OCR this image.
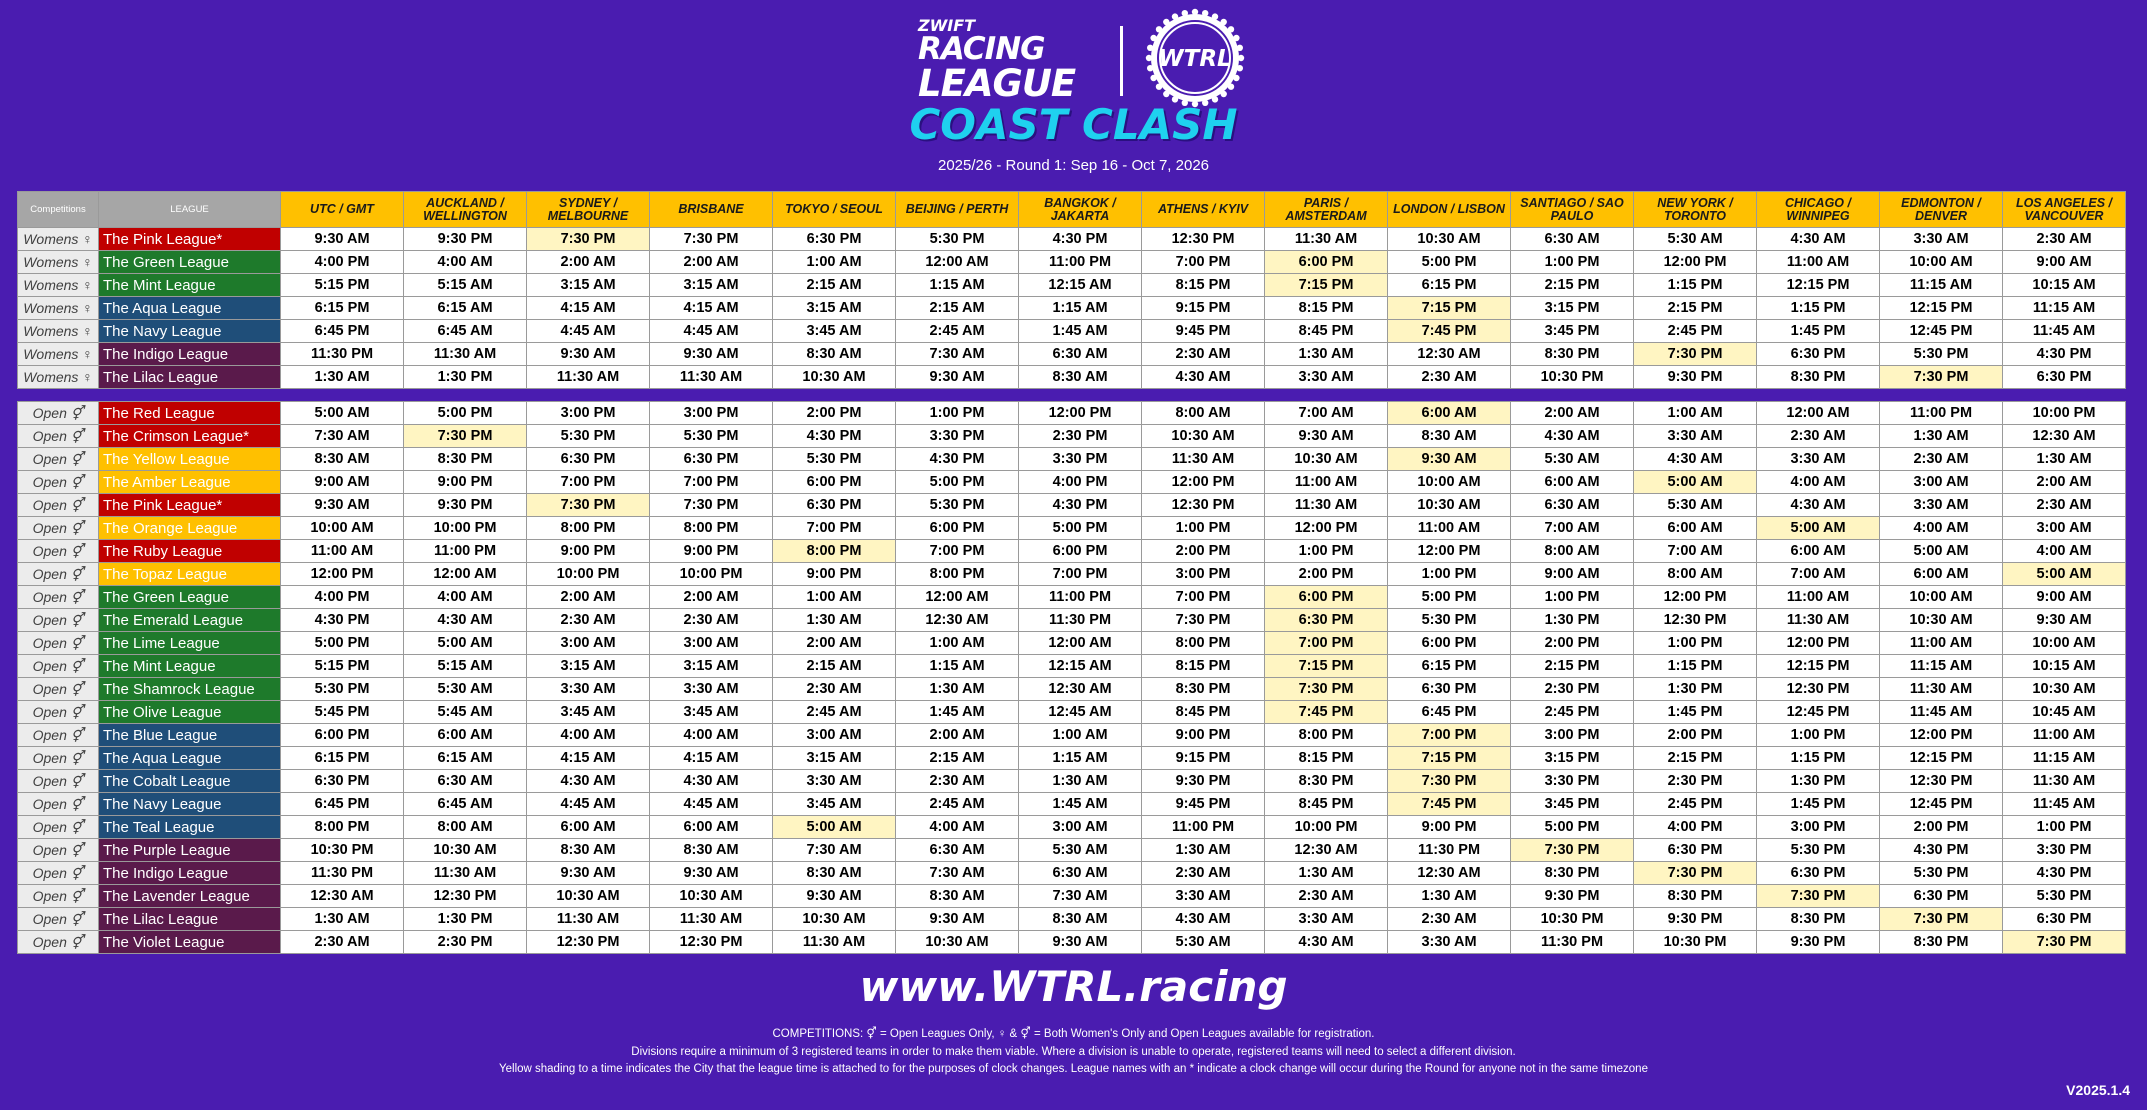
ZWIFT
RACING
LEAGUE
WTRL
COAST CLASH
2025/26 - Round 1: Sep 16 - Oct 7, 2026
Competitions	LEAGUE	UTC / GMT	AUCKLAND / WELLINGTON	SYDNEY / MELBOURNE	BRISBANE	TOKYO / SEOUL	BEIJING / PERTH	BANGKOK / JAKARTA	ATHENS / KYIV	PARIS / AMSTERDAM	LONDON / LISBON	SANTIAGO / SAO PAULO	NEW YORK / TORONTO	CHICAGO / WINNIPEG	EDMONTON / DENVER	LOS ANGELES / VANCOUVER
Womens ♀	The Pink League*	9:30 AM	9:30 PM	7:30 PM	7:30 PM	6:30 PM	5:30 PM	4:30 PM	12:30 PM	11:30 AM	10:30 AM	6:30 AM	5:30 AM	4:30 AM	3:30 AM	2:30 AM
Womens ♀	The Green League	4:00 PM	4:00 AM	2:00 AM	2:00 AM	1:00 AM	12:00 AM	11:00 PM	7:00 PM	6:00 PM	5:00 PM	1:00 PM	12:00 PM	11:00 AM	10:00 AM	9:00 AM
Womens ♀	The Mint League	5:15 PM	5:15 AM	3:15 AM	3:15 AM	2:15 AM	1:15 AM	12:15 AM	8:15 PM	7:15 PM	6:15 PM	2:15 PM	1:15 PM	12:15 PM	11:15 AM	10:15 AM
Womens ♀	The Aqua League	6:15 PM	6:15 AM	4:15 AM	4:15 AM	3:15 AM	2:15 AM	1:15 AM	9:15 PM	8:15 PM	7:15 PM	3:15 PM	2:15 PM	1:15 PM	12:15 PM	11:15 AM
Womens ♀	The Navy League	6:45 PM	6:45 AM	4:45 AM	4:45 AM	3:45 AM	2:45 AM	1:45 AM	9:45 PM	8:45 PM	7:45 PM	3:45 PM	2:45 PM	1:45 PM	12:45 PM	11:45 AM
Womens ♀	The Indigo League	11:30 PM	11:30 AM	9:30 AM	9:30 AM	8:30 AM	7:30 AM	6:30 AM	2:30 AM	1:30 AM	12:30 AM	8:30 PM	7:30 PM	6:30 PM	5:30 PM	4:30 PM
Womens ♀	The Lilac League	1:30 AM	1:30 PM	11:30 AM	11:30 AM	10:30 AM	9:30 AM	8:30 AM	4:30 AM	3:30 AM	2:30 AM	10:30 PM	9:30 PM	8:30 PM	7:30 PM	6:30 PM
Open ⚥	The Red League	5:00 AM	5:00 PM	3:00 PM	3:00 PM	2:00 PM	1:00 PM	12:00 PM	8:00 AM	7:00 AM	6:00 AM	2:00 AM	1:00 AM	12:00 AM	11:00 PM	10:00 PM
Open ⚥	The Crimson League*	7:30 AM	7:30 PM	5:30 PM	5:30 PM	4:30 PM	3:30 PM	2:30 PM	10:30 AM	9:30 AM	8:30 AM	4:30 AM	3:30 AM	2:30 AM	1:30 AM	12:30 AM
Open ⚥	The Yellow League	8:30 AM	8:30 PM	6:30 PM	6:30 PM	5:30 PM	4:30 PM	3:30 PM	11:30 AM	10:30 AM	9:30 AM	5:30 AM	4:30 AM	3:30 AM	2:30 AM	1:30 AM
Open ⚥	The Amber League	9:00 AM	9:00 PM	7:00 PM	7:00 PM	6:00 PM	5:00 PM	4:00 PM	12:00 PM	11:00 AM	10:00 AM	6:00 AM	5:00 AM	4:00 AM	3:00 AM	2:00 AM
Open ⚥	The Pink League*	9:30 AM	9:30 PM	7:30 PM	7:30 PM	6:30 PM	5:30 PM	4:30 PM	12:30 PM	11:30 AM	10:30 AM	6:30 AM	5:30 AM	4:30 AM	3:30 AM	2:30 AM
Open ⚥	The Orange League	10:00 AM	10:00 PM	8:00 PM	8:00 PM	7:00 PM	6:00 PM	5:00 PM	1:00 PM	12:00 PM	11:00 AM	7:00 AM	6:00 AM	5:00 AM	4:00 AM	3:00 AM
Open ⚥	The Ruby League	11:00 AM	11:00 PM	9:00 PM	9:00 PM	8:00 PM	7:00 PM	6:00 PM	2:00 PM	1:00 PM	12:00 PM	8:00 AM	7:00 AM	6:00 AM	5:00 AM	4:00 AM
Open ⚥	The Topaz League	12:00 PM	12:00 AM	10:00 PM	10:00 PM	9:00 PM	8:00 PM	7:00 PM	3:00 PM	2:00 PM	1:00 PM	9:00 AM	8:00 AM	7:00 AM	6:00 AM	5:00 AM
Open ⚥	The Green League	4:00 PM	4:00 AM	2:00 AM	2:00 AM	1:00 AM	12:00 AM	11:00 PM	7:00 PM	6:00 PM	5:00 PM	1:00 PM	12:00 PM	11:00 AM	10:00 AM	9:00 AM
Open ⚥	The Emerald League	4:30 PM	4:30 AM	2:30 AM	2:30 AM	1:30 AM	12:30 AM	11:30 PM	7:30 PM	6:30 PM	5:30 PM	1:30 PM	12:30 PM	11:30 AM	10:30 AM	9:30 AM
Open ⚥	The Lime League	5:00 PM	5:00 AM	3:00 AM	3:00 AM	2:00 AM	1:00 AM	12:00 AM	8:00 PM	7:00 PM	6:00 PM	2:00 PM	1:00 PM	12:00 PM	11:00 AM	10:00 AM
Open ⚥	The Mint League	5:15 PM	5:15 AM	3:15 AM	3:15 AM	2:15 AM	1:15 AM	12:15 AM	8:15 PM	7:15 PM	6:15 PM	2:15 PM	1:15 PM	12:15 PM	11:15 AM	10:15 AM
Open ⚥	The Shamrock League	5:30 PM	5:30 AM	3:30 AM	3:30 AM	2:30 AM	1:30 AM	12:30 AM	8:30 PM	7:30 PM	6:30 PM	2:30 PM	1:30 PM	12:30 PM	11:30 AM	10:30 AM
Open ⚥	The Olive League	5:45 PM	5:45 AM	3:45 AM	3:45 AM	2:45 AM	1:45 AM	12:45 AM	8:45 PM	7:45 PM	6:45 PM	2:45 PM	1:45 PM	12:45 PM	11:45 AM	10:45 AM
Open ⚥	The Blue League	6:00 PM	6:00 AM	4:00 AM	4:00 AM	3:00 AM	2:00 AM	1:00 AM	9:00 PM	8:00 PM	7:00 PM	3:00 PM	2:00 PM	1:00 PM	12:00 PM	11:00 AM
Open ⚥	The Aqua League	6:15 PM	6:15 AM	4:15 AM	4:15 AM	3:15 AM	2:15 AM	1:15 AM	9:15 PM	8:15 PM	7:15 PM	3:15 PM	2:15 PM	1:15 PM	12:15 PM	11:15 AM
Open ⚥	The Cobalt League	6:30 PM	6:30 AM	4:30 AM	4:30 AM	3:30 AM	2:30 AM	1:30 AM	9:30 PM	8:30 PM	7:30 PM	3:30 PM	2:30 PM	1:30 PM	12:30 PM	11:30 AM
Open ⚥	The Navy League	6:45 PM	6:45 AM	4:45 AM	4:45 AM	3:45 AM	2:45 AM	1:45 AM	9:45 PM	8:45 PM	7:45 PM	3:45 PM	2:45 PM	1:45 PM	12:45 PM	11:45 AM
Open ⚥	The Teal League	8:00 PM	8:00 AM	6:00 AM	6:00 AM	5:00 AM	4:00 AM	3:00 AM	11:00 PM	10:00 PM	9:00 PM	5:00 PM	4:00 PM	3:00 PM	2:00 PM	1:00 PM
Open ⚥	The Purple League	10:30 PM	10:30 AM	8:30 AM	8:30 AM	7:30 AM	6:30 AM	5:30 AM	1:30 AM	12:30 AM	11:30 PM	7:30 PM	6:30 PM	5:30 PM	4:30 PM	3:30 PM
Open ⚥	The Indigo League	11:30 PM	11:30 AM	9:30 AM	9:30 AM	8:30 AM	7:30 AM	6:30 AM	2:30 AM	1:30 AM	12:30 AM	8:30 PM	7:30 PM	6:30 PM	5:30 PM	4:30 PM
Open ⚥	The Lavender League	12:30 AM	12:30 PM	10:30 AM	10:30 AM	9:30 AM	8:30 AM	7:30 AM	3:30 AM	2:30 AM	1:30 AM	9:30 PM	8:30 PM	7:30 PM	6:30 PM	5:30 PM
Open ⚥	The Lilac League	1:30 AM	1:30 PM	11:30 AM	11:30 AM	10:30 AM	9:30 AM	8:30 AM	4:30 AM	3:30 AM	2:30 AM	10:30 PM	9:30 PM	8:30 PM	7:30 PM	6:30 PM
Open ⚥	The Violet League	2:30 AM	2:30 PM	12:30 PM	12:30 PM	11:30 AM	10:30 AM	9:30 AM	5:30 AM	4:30 AM	3:30 AM	11:30 PM	10:30 PM	9:30 PM	8:30 PM	7:30 PM
www.WTRL.racing
COMPETITIONS: ⚥ = Open Leagues Only, ♀ & ⚥ = Both Women's Only and Open Leagues available for registration.
Divisions require a minimum of 3 registered teams in order to make them viable. Where a division is unable to operate, registered teams will need to select a different division.
Yellow shading to a time indicates the City that the league time is attached to for the purposes of clock changes. League names with an * indicate a clock change will occur during the Round for anyone not in the same timezone
V2025.1.4
